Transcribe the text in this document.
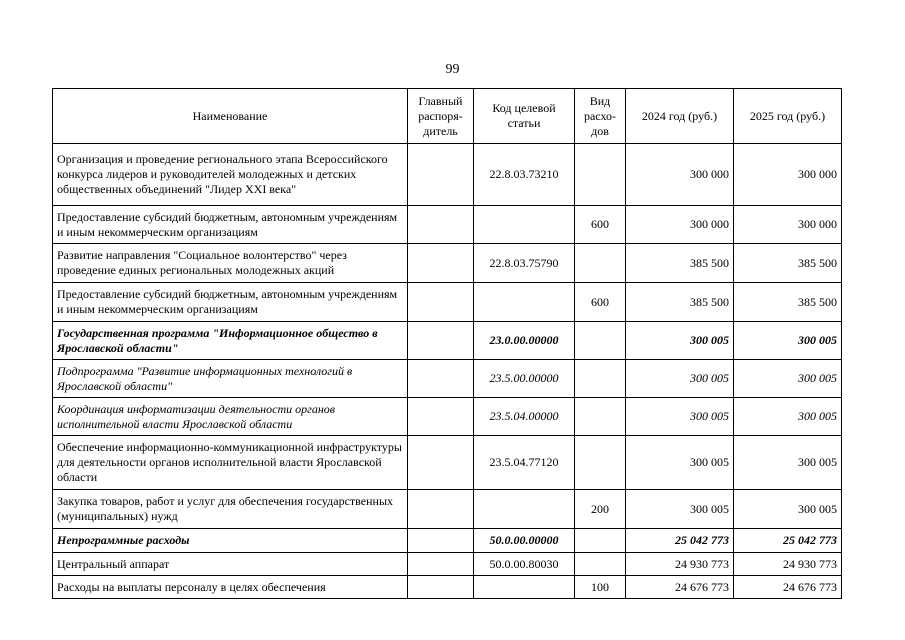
99
Наименование	Главный распоря-дитель	Код целевой статьи	Вид расхо-дов	2024 год (руб.)	2025 год (руб.)
Организация и проведение регионального этапа Всероссийского конкурса лидеров и руководителей молодежных и детских общественных объединений "Лидер XXI века"		22.8.03.73210		300 000	300 000
Предоставление субсидий бюджетным, автономным учреждениям и иным некоммерческим организациям			600	300 000	300 000
Развитие направления "Социальное волонтерство" через проведение единых региональных молодежных акций		22.8.03.75790		385 500	385 500
Предоставление субсидий бюджетным, автономным учреждениям и иным некоммерческим организациям			600	385 500	385 500
Государственная программа "Информационное общество в Ярославской области"		23.0.00.00000		300 005	300 005
Подпрограмма "Развитие информационных технологий в Ярославской области"		23.5.00.00000		300 005	300 005
Координация информатизации деятельности органов исполнительной власти Ярославской области		23.5.04.00000		300 005	300 005
Обеспечение информационно-коммуникационной инфраструктуры для деятельности органов исполнительной власти Ярославской области		23.5.04.77120		300 005	300 005
Закупка товаров, работ и услуг для обеспечения государственных (муниципальных) нужд			200	300 005	300 005
Непрограммные расходы		50.0.00.00000		25 042 773	25 042 773
Центральный аппарат		50.0.00.80030		24 930 773	24 930 773
Расходы на выплаты персоналу в целях обеспечения			100	24 676 773	24 676 773
